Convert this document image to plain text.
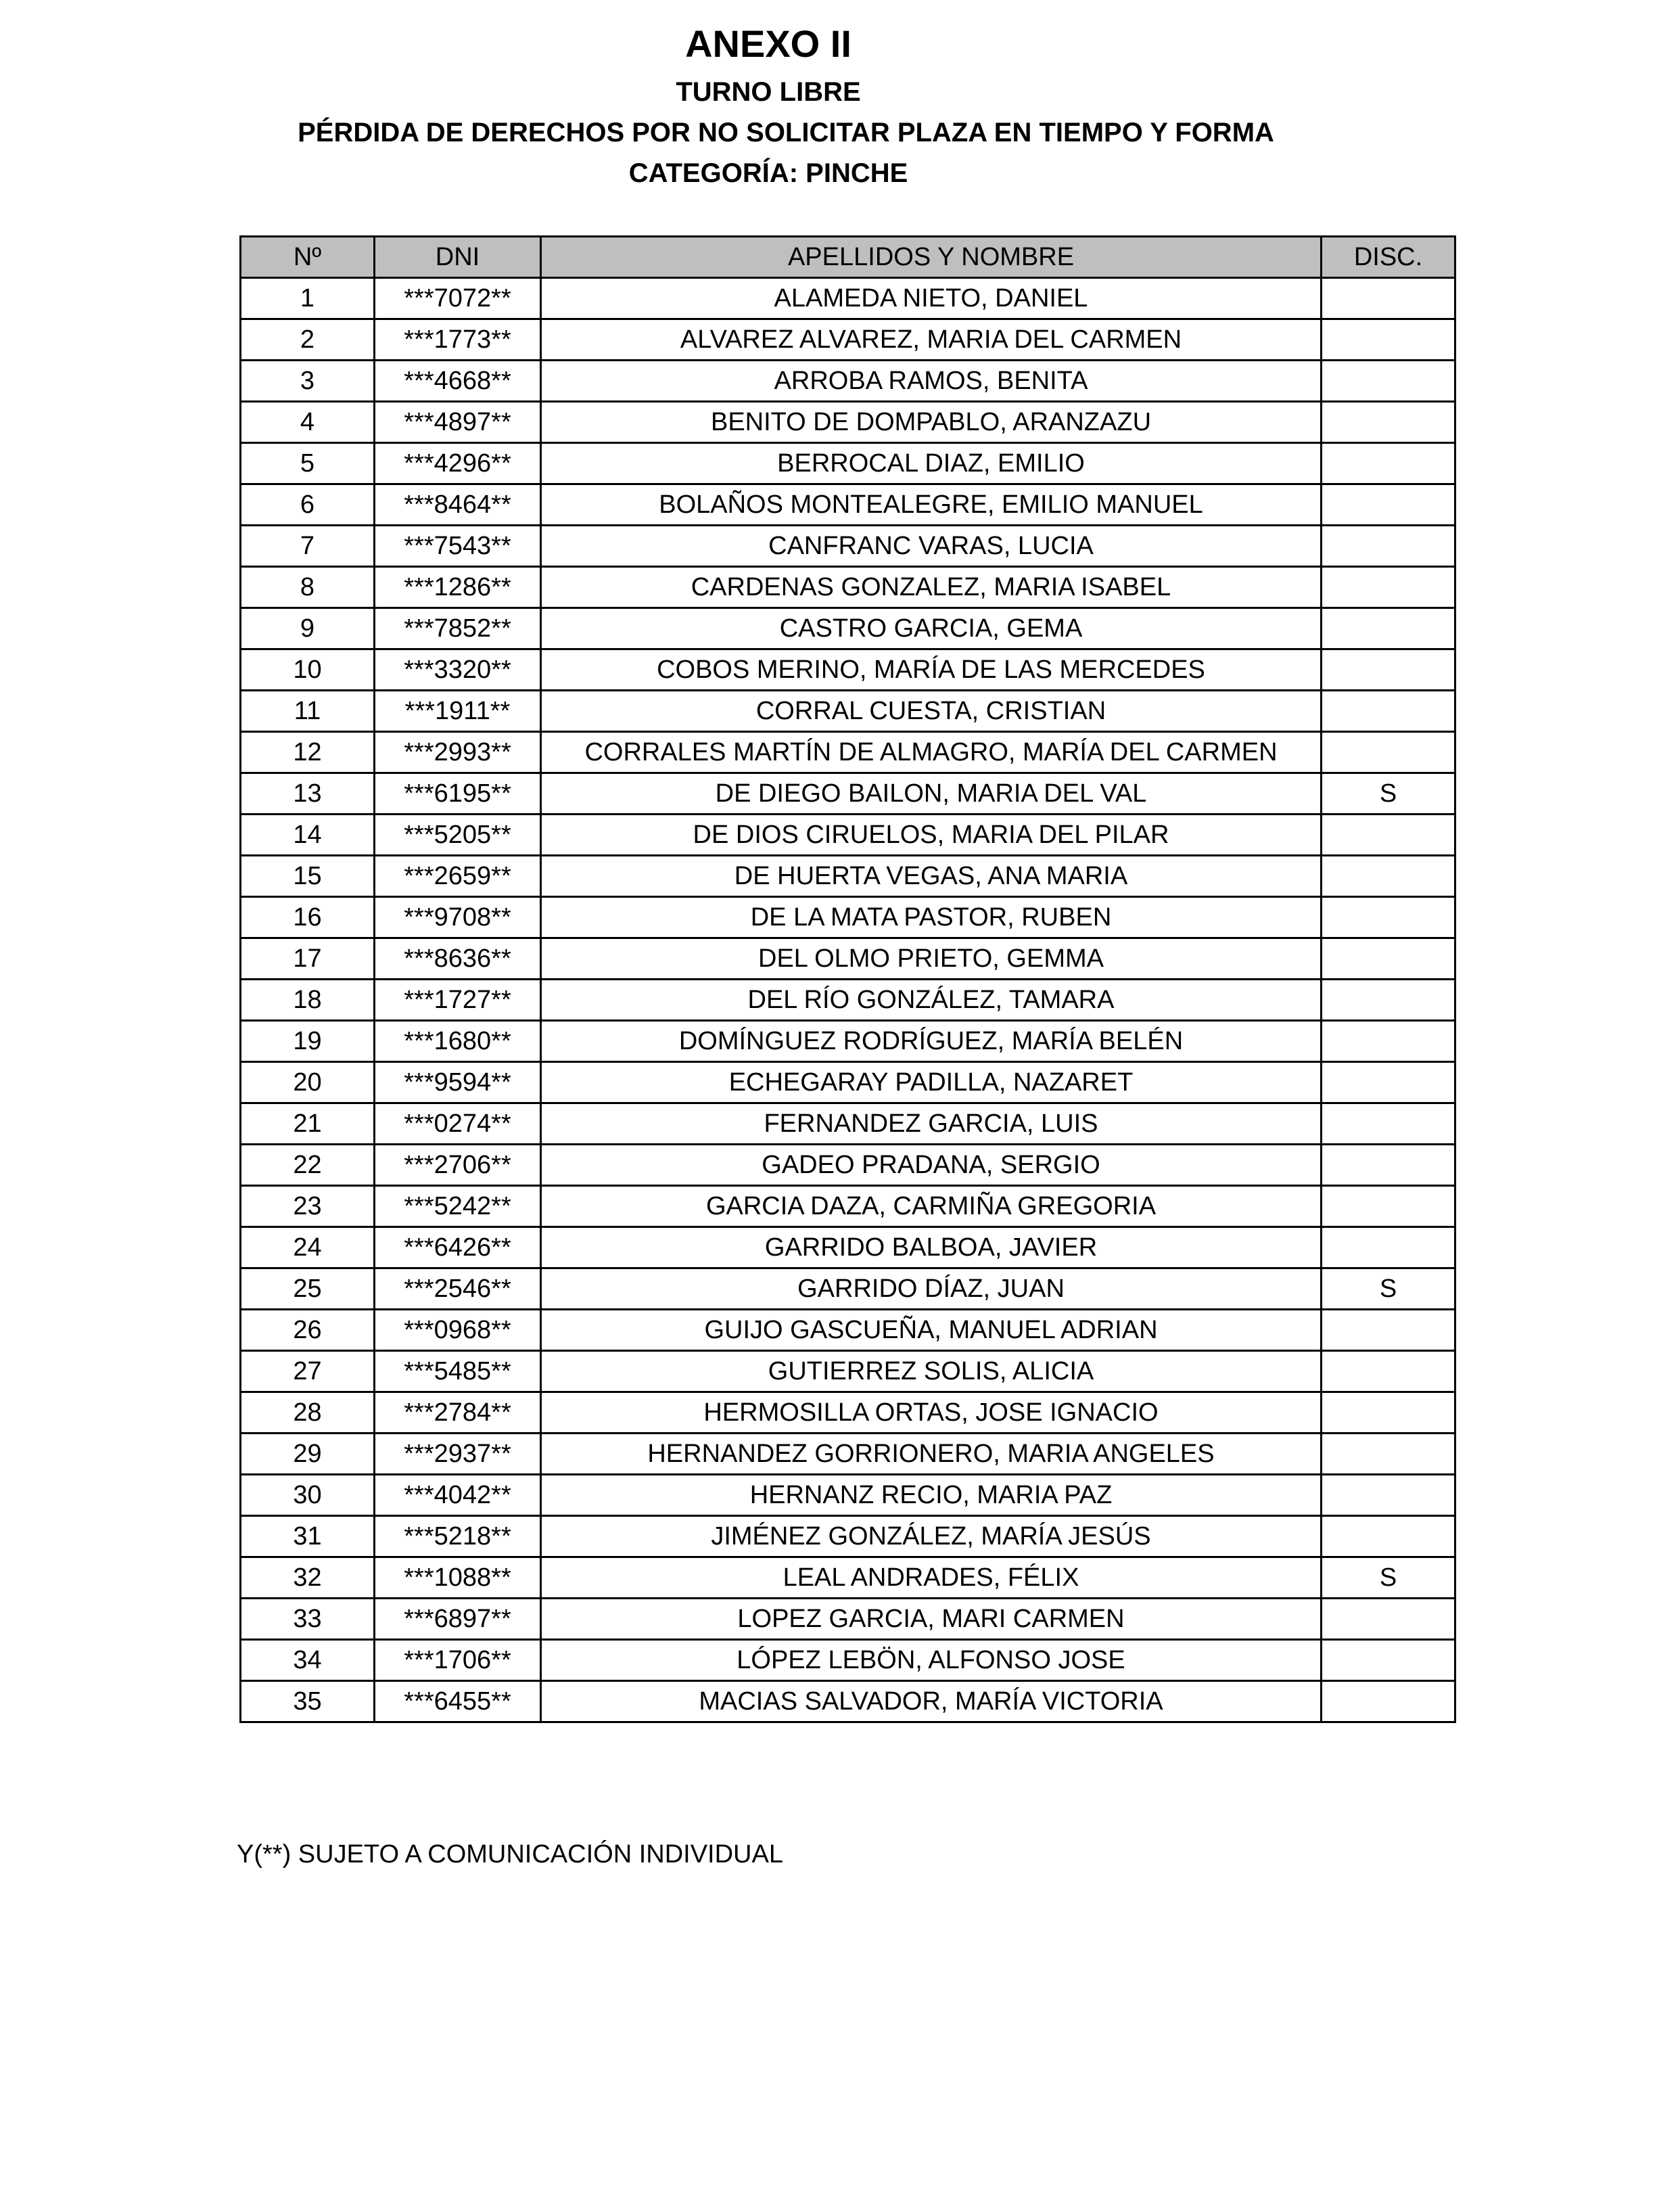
ANEXO II
TURNO LIBRE
PÉRDIDA DE DERECHOS POR NO SOLICITAR PLAZA EN TIEMPO Y FORMA
CATEGORÍA: PINCHE
Nº	DNI	APELLIDOS Y NOMBRE	DISC.
1	***7072**	ALAMEDA NIETO, DANIEL	
2	***1773**	ALVAREZ ALVAREZ, MARIA DEL CARMEN	
3	***4668**	ARROBA RAMOS, BENITA	
4	***4897**	BENITO DE DOMPABLO, ARANZAZU	
5	***4296**	BERROCAL DIAZ, EMILIO	
6	***8464**	BOLAÑOS MONTEALEGRE, EMILIO MANUEL	
7	***7543**	CANFRANC VARAS, LUCIA	
8	***1286**	CARDENAS GONZALEZ, MARIA ISABEL	
9	***7852**	CASTRO GARCIA, GEMA	
10	***3320**	COBOS MERINO, MARÍA DE LAS MERCEDES	
11	***1911**	CORRAL CUESTA, CRISTIAN	
12	***2993**	CORRALES MARTÍN DE ALMAGRO, MARÍA DEL CARMEN	
13	***6195**	DE DIEGO BAILON, MARIA DEL VAL	S
14	***5205**	DE DIOS CIRUELOS, MARIA DEL PILAR	
15	***2659**	DE HUERTA VEGAS, ANA MARIA	
16	***9708**	DE LA MATA PASTOR, RUBEN	
17	***8636**	DEL OLMO PRIETO, GEMMA	
18	***1727**	DEL RÍO GONZÁLEZ, TAMARA	
19	***1680**	DOMÍNGUEZ RODRÍGUEZ, MARÍA BELÉN	
20	***9594**	ECHEGARAY PADILLA, NAZARET	
21	***0274**	FERNANDEZ GARCIA, LUIS	
22	***2706**	GADEO PRADANA, SERGIO	
23	***5242**	GARCIA DAZA, CARMIÑA GREGORIA	
24	***6426**	GARRIDO BALBOA, JAVIER	
25	***2546**	GARRIDO DÍAZ, JUAN	S
26	***0968**	GUIJO GASCUEÑA, MANUEL ADRIAN	
27	***5485**	GUTIERREZ SOLIS, ALICIA	
28	***2784**	HERMOSILLA ORTAS, JOSE IGNACIO	
29	***2937**	HERNANDEZ GORRIONERO, MARIA ANGELES	
30	***4042**	HERNANZ RECIO, MARIA PAZ	
31	***5218**	JIMÉNEZ GONZÁLEZ, MARÍA JESÚS	
32	***1088**	LEAL ANDRADES, FÉLIX	S
33	***6897**	LOPEZ GARCIA, MARI CARMEN	
34	***1706**	LÓPEZ LEBÖN, ALFONSO JOSE	
35	***6455**	MACIAS SALVADOR, MARÍA VICTORIA	
Y(**) SUJETO A COMUNICACIÓN INDIVIDUAL
